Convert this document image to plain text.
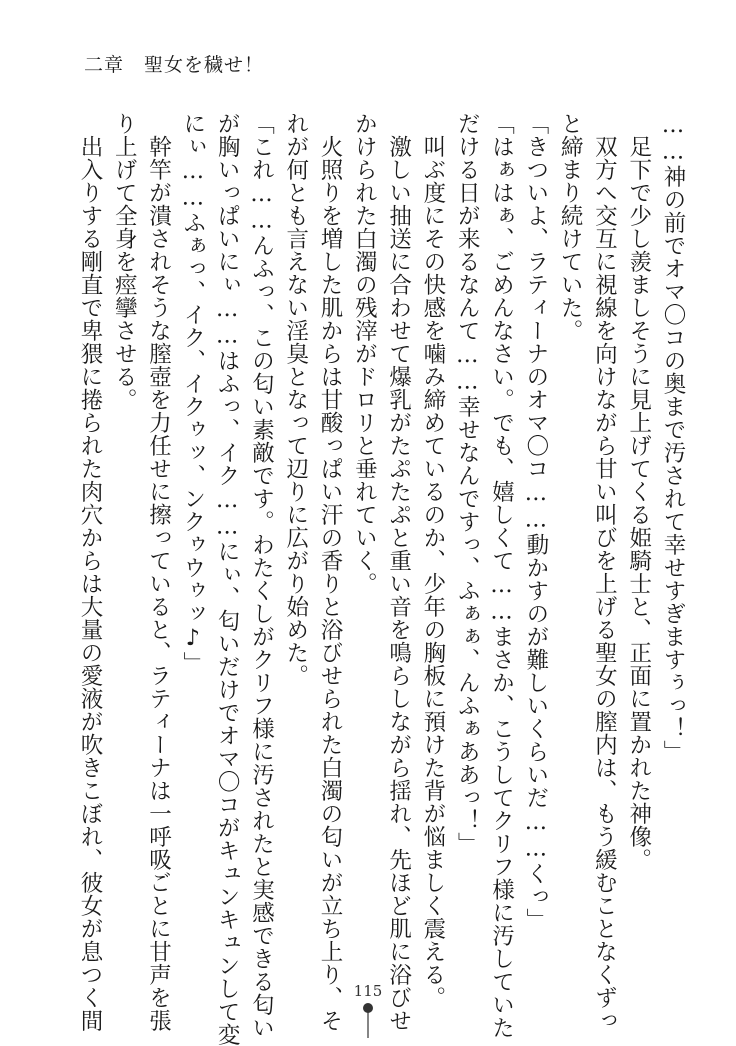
二章 聖女を穢せ！

……神の前でオマ〇コの奥まで汚されて幸せすぎますぅっ！」

足下で少し羨ましそうに見上げてくる姫騎士と、正面に置かれた神像。

双方へ交互に視線を向けながら甘い叫びを上げる聖女の膣内は、もう緩むことなくずっ

と締まり続けていた。

「きついよ、ラティーナのオマ〇コ……動かすのが難しいくらいだ……くっ」

「はぁはぁ、ごめんなさい。でも、嬉しくて……まさか、こうしてクリフ様に汚していた

だける日が来るなんて……幸せなんですっ、ふぁぁ、んふぁああっ！」

叫ぶ度にその快感を噛み締めているのか、少年の胸板に預けた背が悩ましく震える。

激しい抽送に合わせて爆乳がたぷたぷと重い音を鳴らしながら揺れ、先ほど肌に浴びせ

かけられた白濁の残滓がドロリと垂れていく。

火照りを増した肌からは甘酸っぱい汗の香りと浴びせられた白濁の匂いが立ち上り、そ

れが何とも言えない淫臭となって辺りに広がり始めた。

「これ……んふっ、この匂い素敵です。わたくしがクリフ様に汚されたと実感できる匂い

が胸いっぱいにぃ……はふっ、イク……にぃ、匂いだけでオマ〇コがキュンキュンして変

にぃ……ふぁっ、イク、イクゥッ、ンクゥウゥッ♪」

幹竿が潰されそうな膣壺を力任せに擦っていると、ラティーナは一呼吸ごとに甘声を張

り上げて全身を痙攣させる。

出入りする剛直で卑猥に捲られた肉穴からは大量の愛液が吹きこぼれ、彼女が息つく間	115
